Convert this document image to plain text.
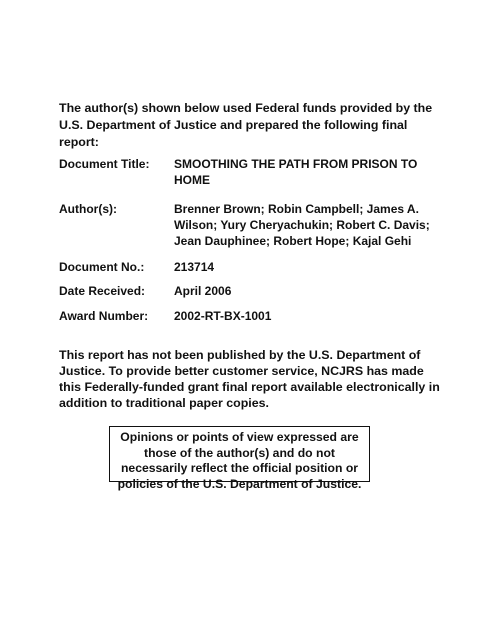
The author(s) shown below used Federal funds provided by the U.S. Department of Justice and prepared the following final report:

Document Title: SMOOTHING THE PATH FROM PRISON TO HOME
Author(s):	Brenner Brown; Robin Campbell; James A. Wilson; Yury Cheryachukin; Robert C. Davis; Jean Dauphinee; Robert Hope; Kajal Gehi
Document No.: 213714
Date Received: April 2006
Award Number: 2002-RT-BX-1001

This report has not been published by the U.S. Department of Justice. To provide better customer service, NCJRS has made this Federally-funded grant final report available electronically in addition to traditional paper copies.

Opinions or points of view expressed are those of the author(s) and do not necessarily reflect the official position or policies of the U.S. Department of Justice.
